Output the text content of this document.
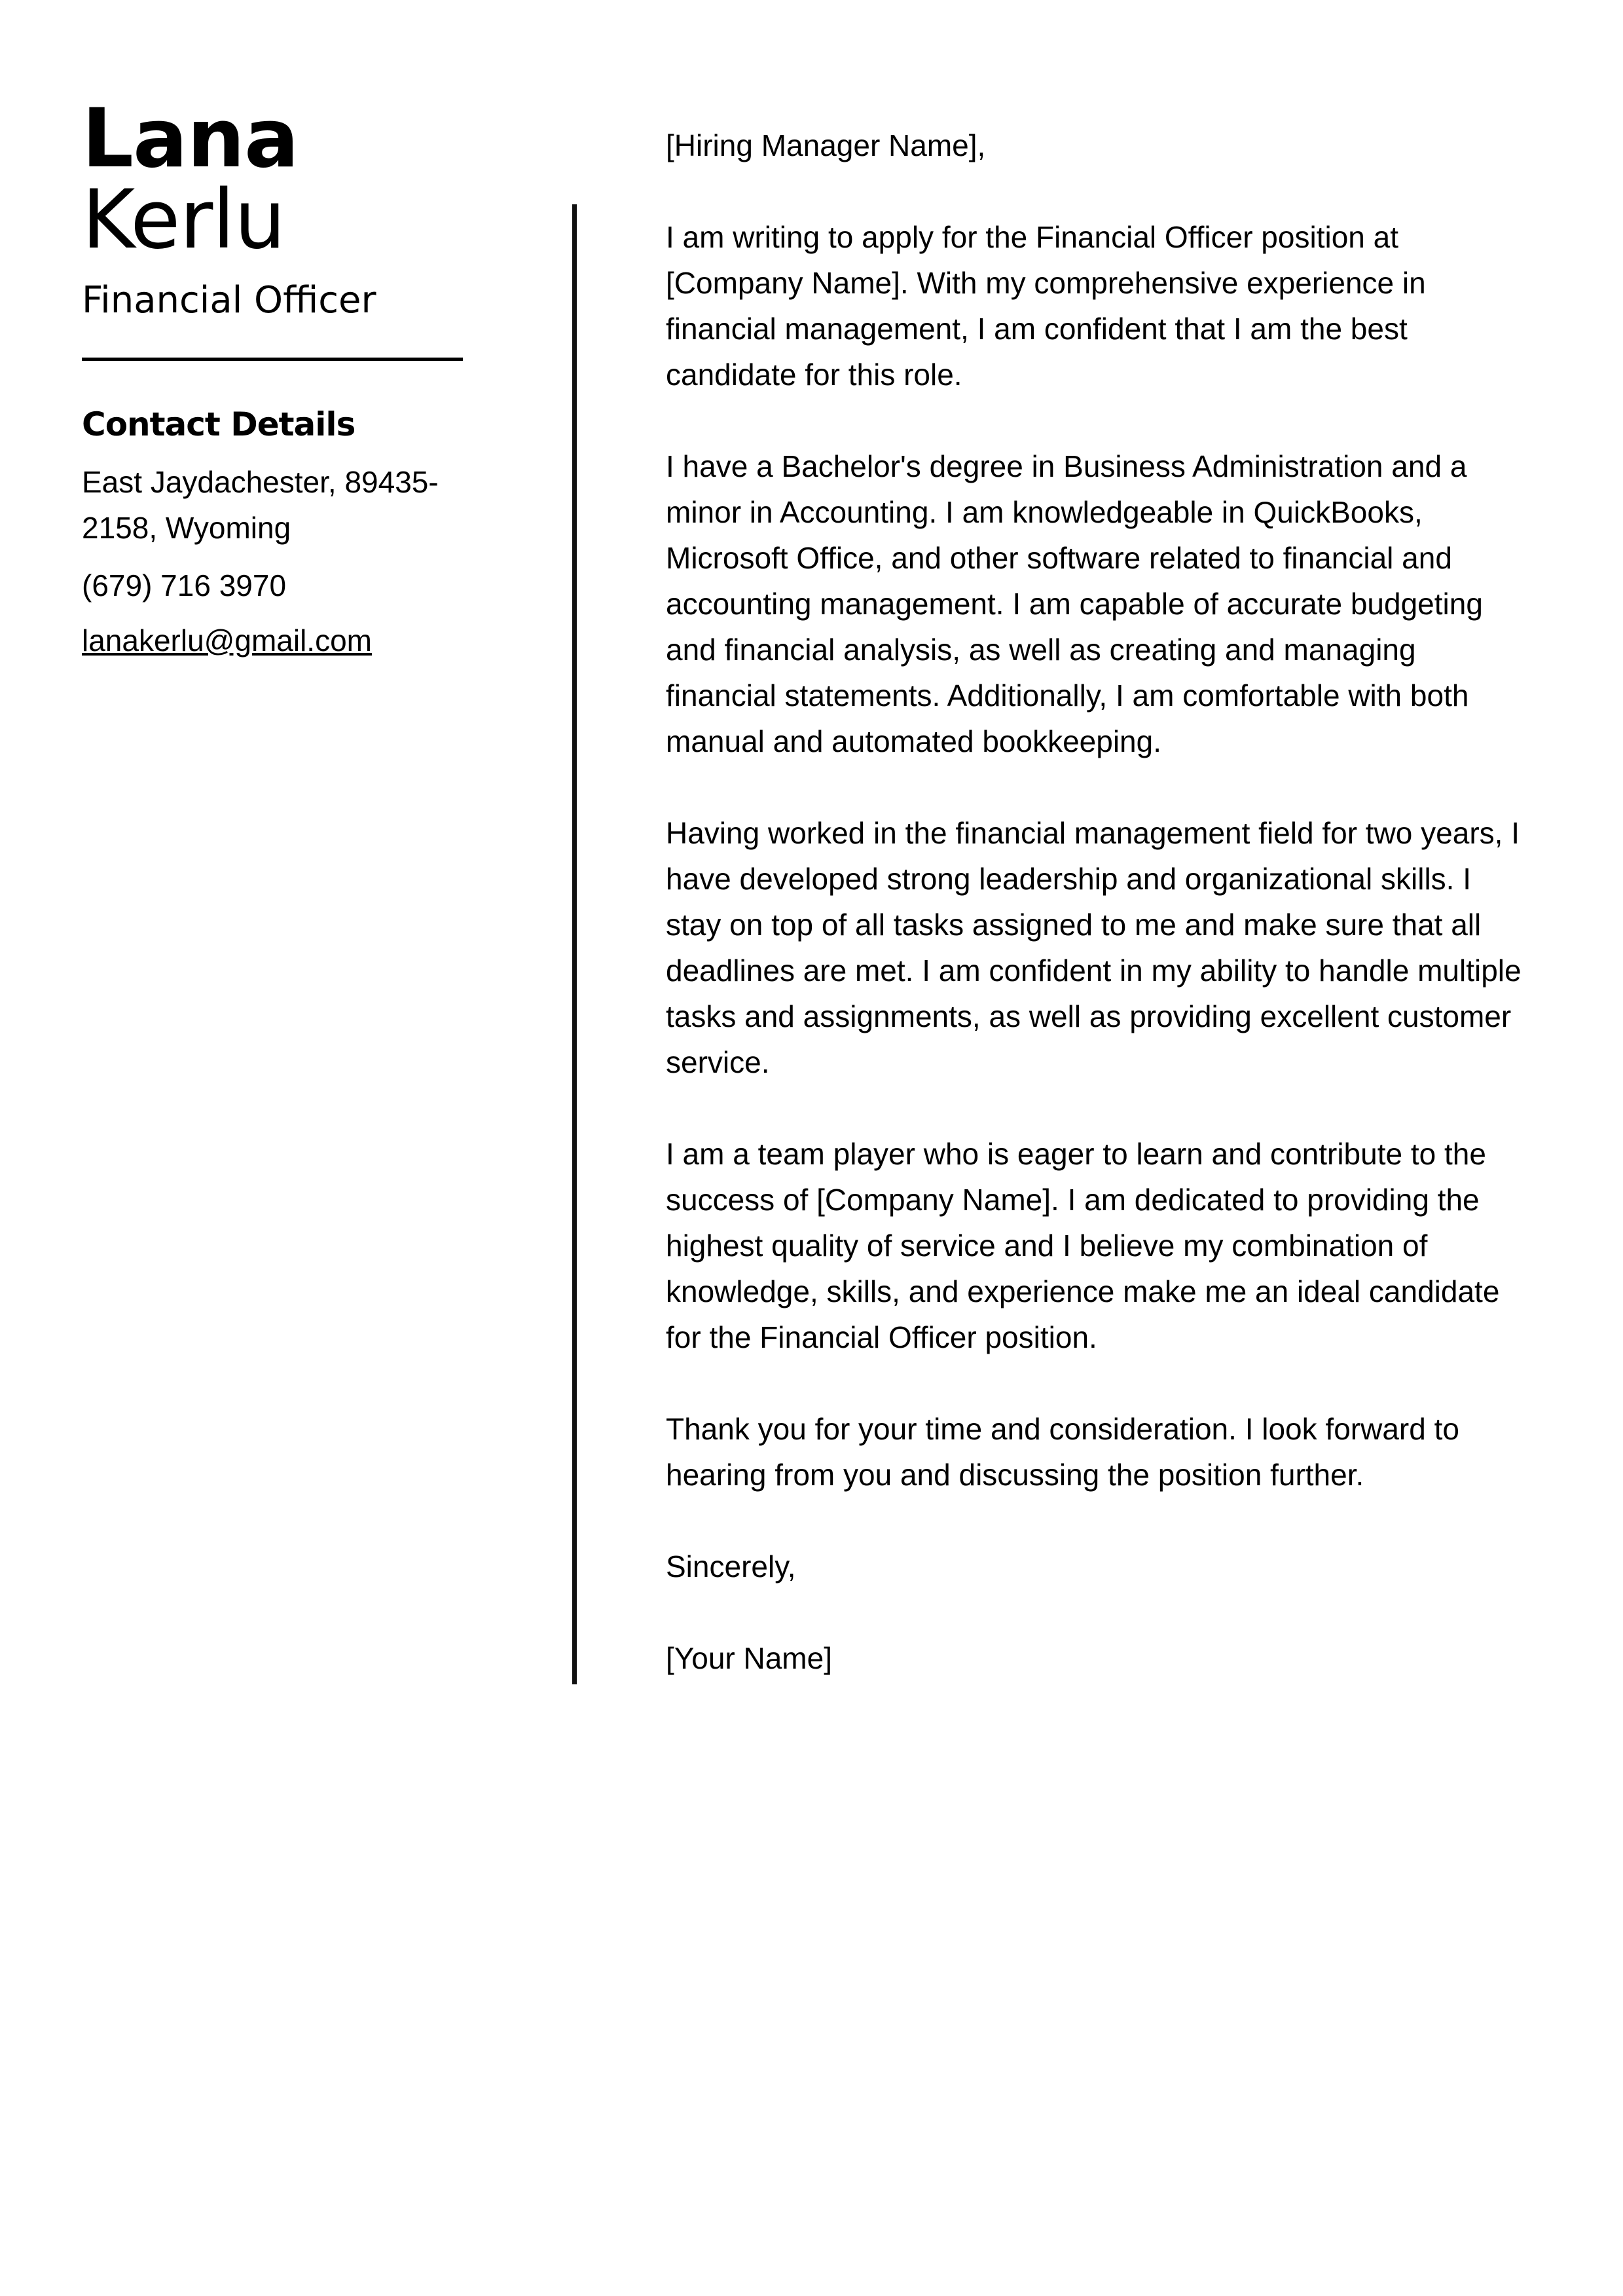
Lana
Kerlu
Financial Officer
Contact Details
East Jaydachester, 89435-2158, Wyoming
(679) 716 3970
lanakerlu@gmail.com

[Hiring Manager Name],

I am writing to apply for the Financial Officer position at [Company Name]. With my comprehensive experience in financial management, I am confident that I am the best candidate for this role.

I have a Bachelor's degree in Business Administration and a minor in Accounting. I am knowledgeable in QuickBooks, Microsoft Office, and other software related to financial and accounting management. I am capable of accurate budgeting and financial analysis, as well as creating and managing financial statements. Additionally, I am comfortable with both manual and automated bookkeeping.

Having worked in the financial management field for two years, I have developed strong leadership and organizational skills. I stay on top of all tasks assigned to me and make sure that all deadlines are met. I am confident in my ability to handle multiple tasks and assignments, as well as providing excellent customer service.

I am a team player who is eager to learn and contribute to the success of [Company Name]. I am dedicated to providing the highest quality of service and I believe my combination of knowledge, skills, and experience make me an ideal candidate for the Financial Officer position.

Thank you for your time and consideration. I look forward to hearing from you and discussing the position further.

Sincerely,

[Your Name]
